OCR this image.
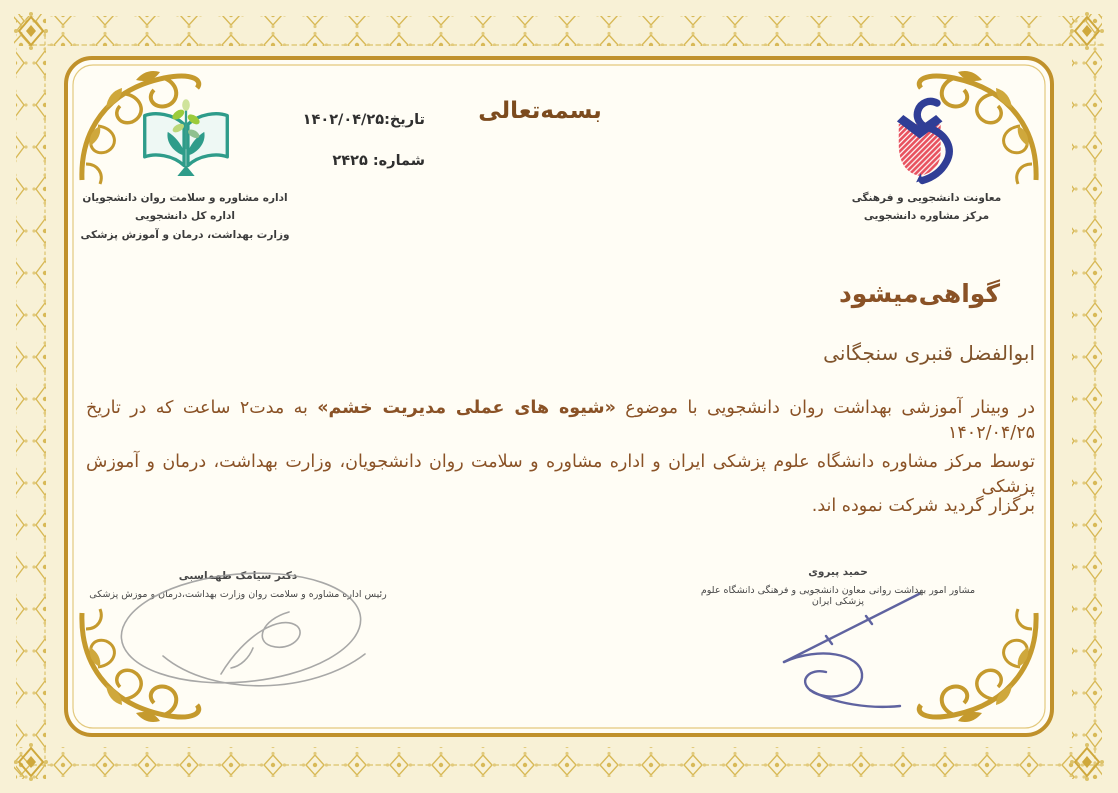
اداره مشاوره و سلامت روان دانشجویان
اداره کل دانشجویی
وزارت بهداشت، درمان و آموزش پزشکی
تاریخ:۱۴۰۲/۰۴/۲۵
شماره: ۲۴۲۵
بسمه‌تعالی
معاونت دانشجویی و فرهنگی
مرکز مشاوره دانشجویی
گواهی‌میشود
ابوالفضل قنبری سنجگانی
در وبینار آموزشی بهداشت روان دانشجویی با موضوع «شیوه های عملی مدیریت خشم» به مدت۲ ساعت که در تاریخ ۱۴۰۲/۰۴/۲۵
توسط مرکز مشاوره دانشگاه علوم پزشکی ایران و اداره مشاوره و سلامت روان دانشجویان، وزارت بهداشت، درمان و آموزش پزشکی
برگزار گردید شرکت نموده اند.
دکتر سیامک طهماسبی
رئیس اداره مشاوره و سلامت روان وزارت بهداشت،درمان و موزش پزشکی
حمید پیروی
مشاور امور بهداشت روانی معاون دانشجویی و فرهنگی دانشگاه علوم پزشکی ایران
